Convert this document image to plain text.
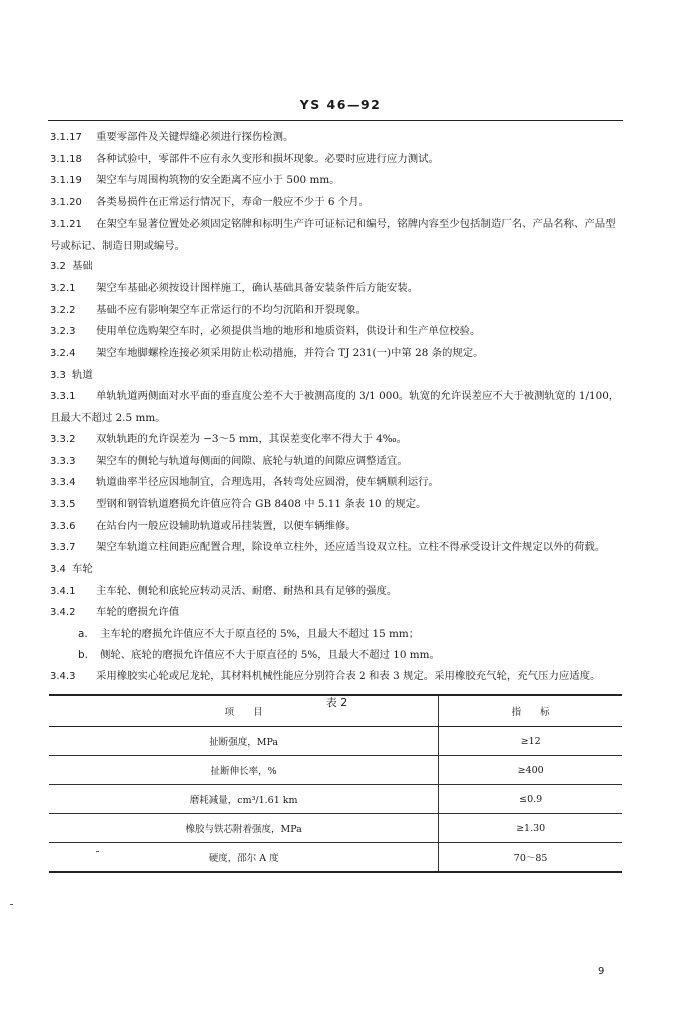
YS 46—92

3.1.17 重要零部件及关键焊缝必须进行探伤检测。

3.1.18 各种试验中，零部件不应有永久变形和损坏现象。必要时应进行应力测试。

3.1.19 架空车与周围构筑物的安全距离不应小于 500 mm。

3.1.20 各类易损件在正常运行情况下，寿命一般应不少于 6 个月。

3.1.21 在架空车显著位置处必须固定铭牌和标明生产许可证标记和编号，铭牌内容至少包括制造厂名、产品名称、产品型号或标记、制造日期或编号。

3.2 基础

3.2.1 架空车基础必须按设计图样施工，确认基础具备安装条件后方能安装。

3.2.2 基础不应有影响架空车正常运行的不均匀沉陷和开裂现象。

3.2.3 使用单位选购架空车时，必须提供当地的地形和地质资料，供设计和生产单位校验。

3.2.4 架空车地脚螺栓连接必须采用防止松动措施，并符合 TJ 231(一)中第 28 条的规定。

3.3 轨道

3.3.1 单轨轨道两侧面对水平面的垂直度公差不大于被测高度的 3/1 000。轨宽的允许误差应不大于被测轨宽的 1/100，且最大不超过 2.5 mm。

3.3.2 双轨轨距的允许误差为 −3～5 mm，其误差变化率不得大于 4‰。

3.3.3 架空车的侧轮与轨道每侧面的间隙、底轮与轨道的间隙应调整适宜。

3.3.4 轨道曲率半径应因地制宜，合理选用，各转弯处应圆滑，使车辆顺利运行。

3.3.5 型钢和钢管轨道磨损允许值应符合 GB 8408 中 5.11 条表 10 的规定。

3.3.6 在站台内一般应设辅助轨道或吊挂装置，以便车辆维修。

3.3.7 架空车轨道立柱间距应配置合理，除设单立柱外，还应适当设双立柱。立柱不得承受设计文件规定以外的荷载。

3.4 车轮

3.4.1 主车轮、侧轮和底轮应转动灵活、耐磨、耐热和具有足够的强度。

3.4.2 车轮的磨损允许值

a. 主车轮的磨损允许值应不大于原直径的 5%，且最大不超过 15 mm；

b. 侧轮、底轮的磨损允许值应不大于原直径的 5%，且最大不超过 10 mm。

3.4.3 采用橡胶实心轮或尼龙轮，其材料机械性能应分别符合表 2 和表 3 规定。采用橡胶充气轮，充气压力应适度。

表 2
项　　目	指　　标
扯断强度，MPa	≥12
扯断伸长率，%	≥400
磨耗减量，cm³/1.61 km	≤0.9
橡胶与铁芯附着强度，MPa	≥1.30
硬度，邵尔 A 度	70～85
9
